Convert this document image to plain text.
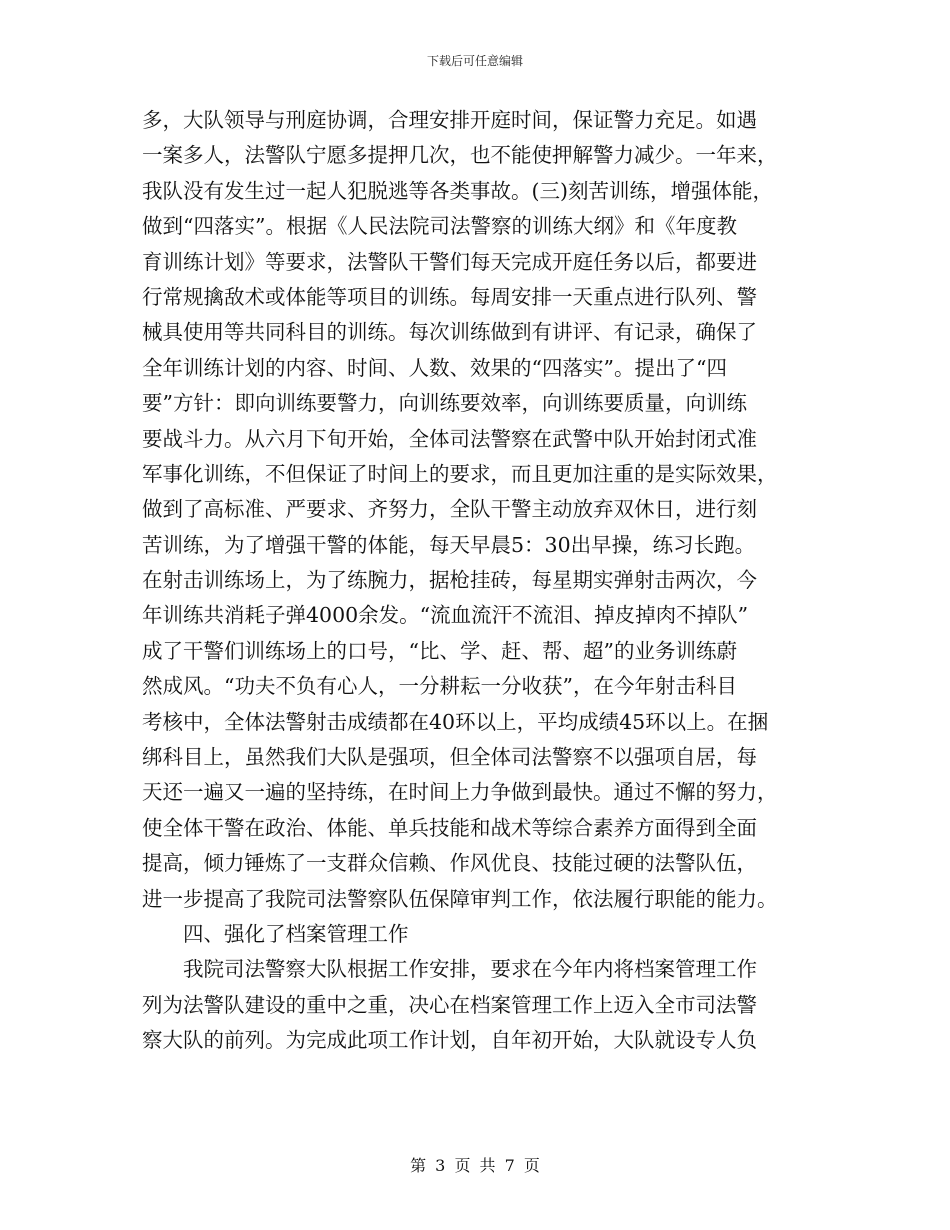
下载后可任意编辑
多，大队领导与刑庭协调，合理安排开庭时间，保证警力充足。如遇
一案多人，法警队宁愿多提押几次，也不能使押解警力减少。一年来，
我队没有发生过一起人犯脱逃等各类事故。(三)刻苦训练，增强体能，
做到“四落实”。根据《人民法院司法警察的训练大纲》和《年度教
育训练计划》等要求，法警队干警们每天完成开庭任务以后，都要进
行常规擒敌术或体能等项目的训练。每周安排一天重点进行队列、警
械具使用等共同科目的训练。每次训练做到有讲评、有记录，确保了
全年训练计划的内容、时间、人数、效果的“四落实”。提出了“四
要”方针：即向训练要警力，向训练要效率，向训练要质量，向训练
要战斗力。从六月下旬开始，全体司法警察在武警中队开始封闭式准
军事化训练，不但保证了时间上的要求，而且更加注重的是实际效果，
做到了高标准、严要求、齐努力，全队干警主动放弃双休日，进行刻
苦训练，为了增强干警的体能，每天早晨5：30出早操，练习长跑。
在射击训练场上，为了练腕力，据枪挂砖，每星期实弹射击两次，今
年训练共消耗子弹4000余发。“流血流汗不流泪、掉皮掉肉不掉队”
成了干警们训练场上的口号，“比、学、赶、帮、超”的业务训练蔚
然成风。“功夫不负有心人，一分耕耘一分收获”，在今年射击科目
考核中，全体法警射击成绩都在40环以上，平均成绩45环以上。在捆
绑科目上，虽然我们大队是强项，但全体司法警察不以强项自居，每
天还一遍又一遍的坚持练，在时间上力争做到最快。通过不懈的努力，
使全体干警在政治、体能、单兵技能和战术等综合素养方面得到全面
提高，倾力锤炼了一支群众信赖、作风优良、技能过硬的法警队伍，
进一步提高了我院司法警察队伍保障审判工作，依法履行职能的能力。
四、强化了档案管理工作
我院司法警察大队根据工作安排，要求在今年内将档案管理工作
列为法警队建设的重中之重，决心在档案管理工作上迈入全市司法警
察大队的前列。为完成此项工作计划，自年初开始，大队就设专人负
第 3 页 共 7 页
